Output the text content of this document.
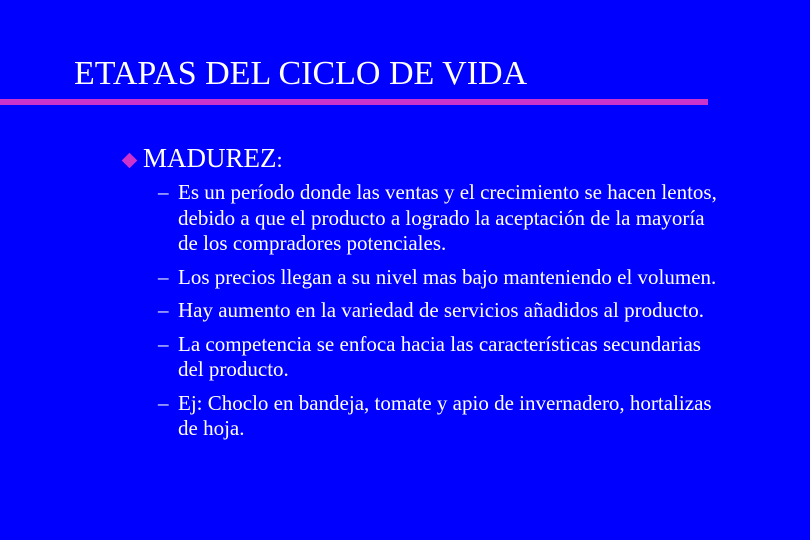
ETAPAS DEL CICLO DE VIDA
MADUREZ:
– Es un período donde las ventas y el crecimiento se hacen lentos, debido a que el producto a logrado la aceptación de la mayoría de los compradores potenciales.
– Los precios llegan a su nivel mas bajo manteniendo el volumen.
– Hay aumento en la variedad de servicios añadidos al producto.
– La competencia se enfoca hacia las características secundarias del producto.
– Ej: Choclo en bandeja, tomate y apio de invernadero, hortalizas de hoja.
